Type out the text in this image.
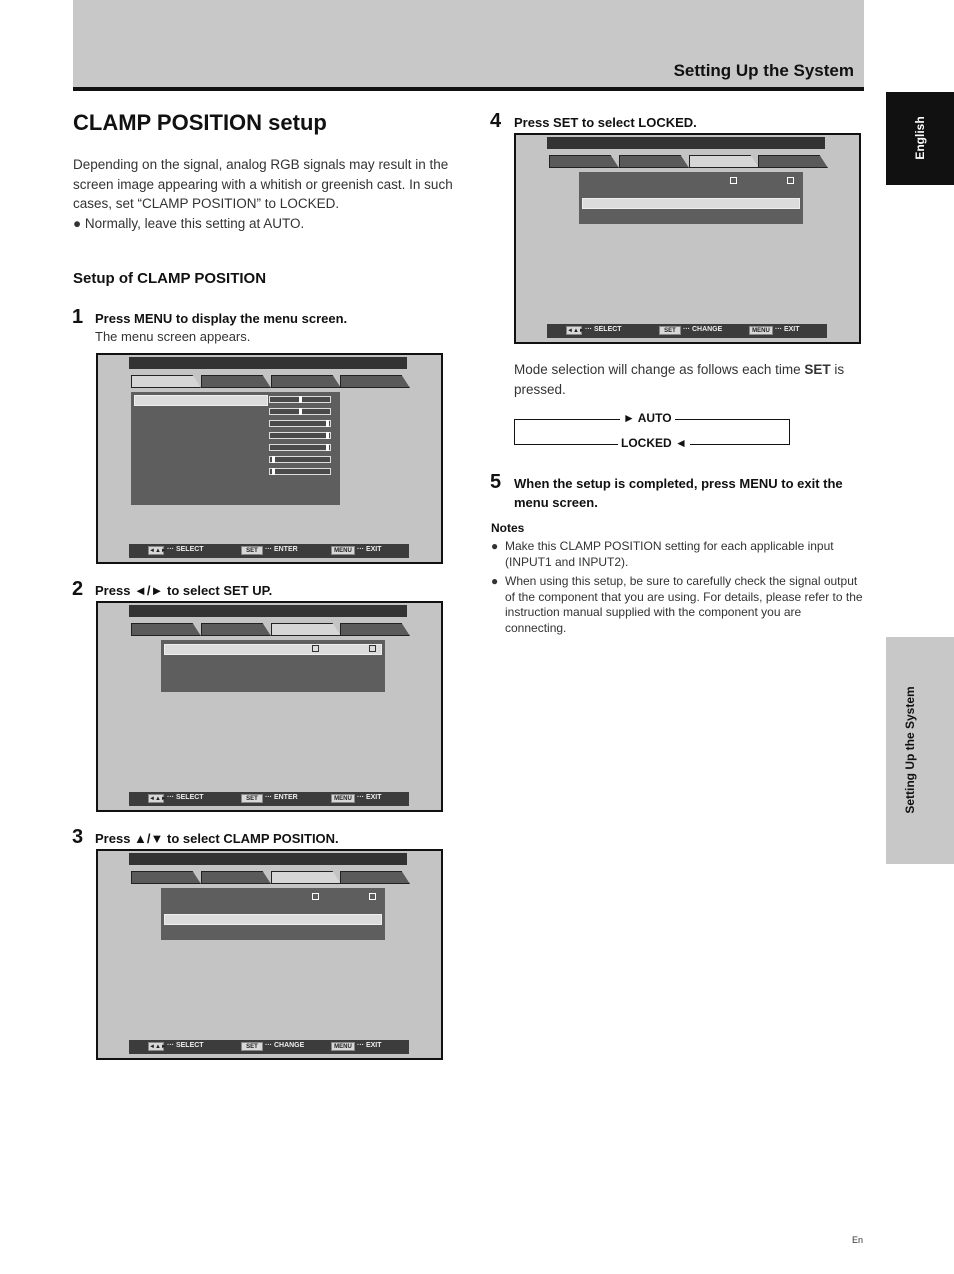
Setting Up the System
English
Setting Up the System
CLAMP POSITION setup

Depending on the signal, analog RGB signals may result in the screen image appearing with a whitish or greenish cast. In such cases, set “CLAMP POSITION” to LOCKED.

● Normally, leave this setting at AUTO.

Setup of CLAMP POSITION
1 Press MENU to display the menu screen.
The menu screen appears.
◄▲► ··· SELECT	SET	··· ENTER	MENU ··· EXIT
2 Press ◄/► to select SET UP.
◄▲► ··· SELECT	SET	··· ENTER	MENU ··· EXIT
3 Press ▲/▼ to select CLAMP POSITION.
◄▲► ··· SELECT	SET	··· CHANGE	MENU ··· EXIT
4 Press SET to select LOCKED.
◄▲► ··· SELECT	SET	··· CHANGE	MENU ··· EXIT
Mode selection will change as follows each time SET is pressed.
► AUTO
LOCKED ◄
5 When the setup is completed, press MENU to exit the menu screen.
Notes
● Make this CLAMP POSITION setting for each applicable input (INPUT1 and INPUT2).
● When using this setup, be sure to carefully check the signal output of the component that you are using. For details, please refer to the instruction manual supplied with the component you are connecting.
En
